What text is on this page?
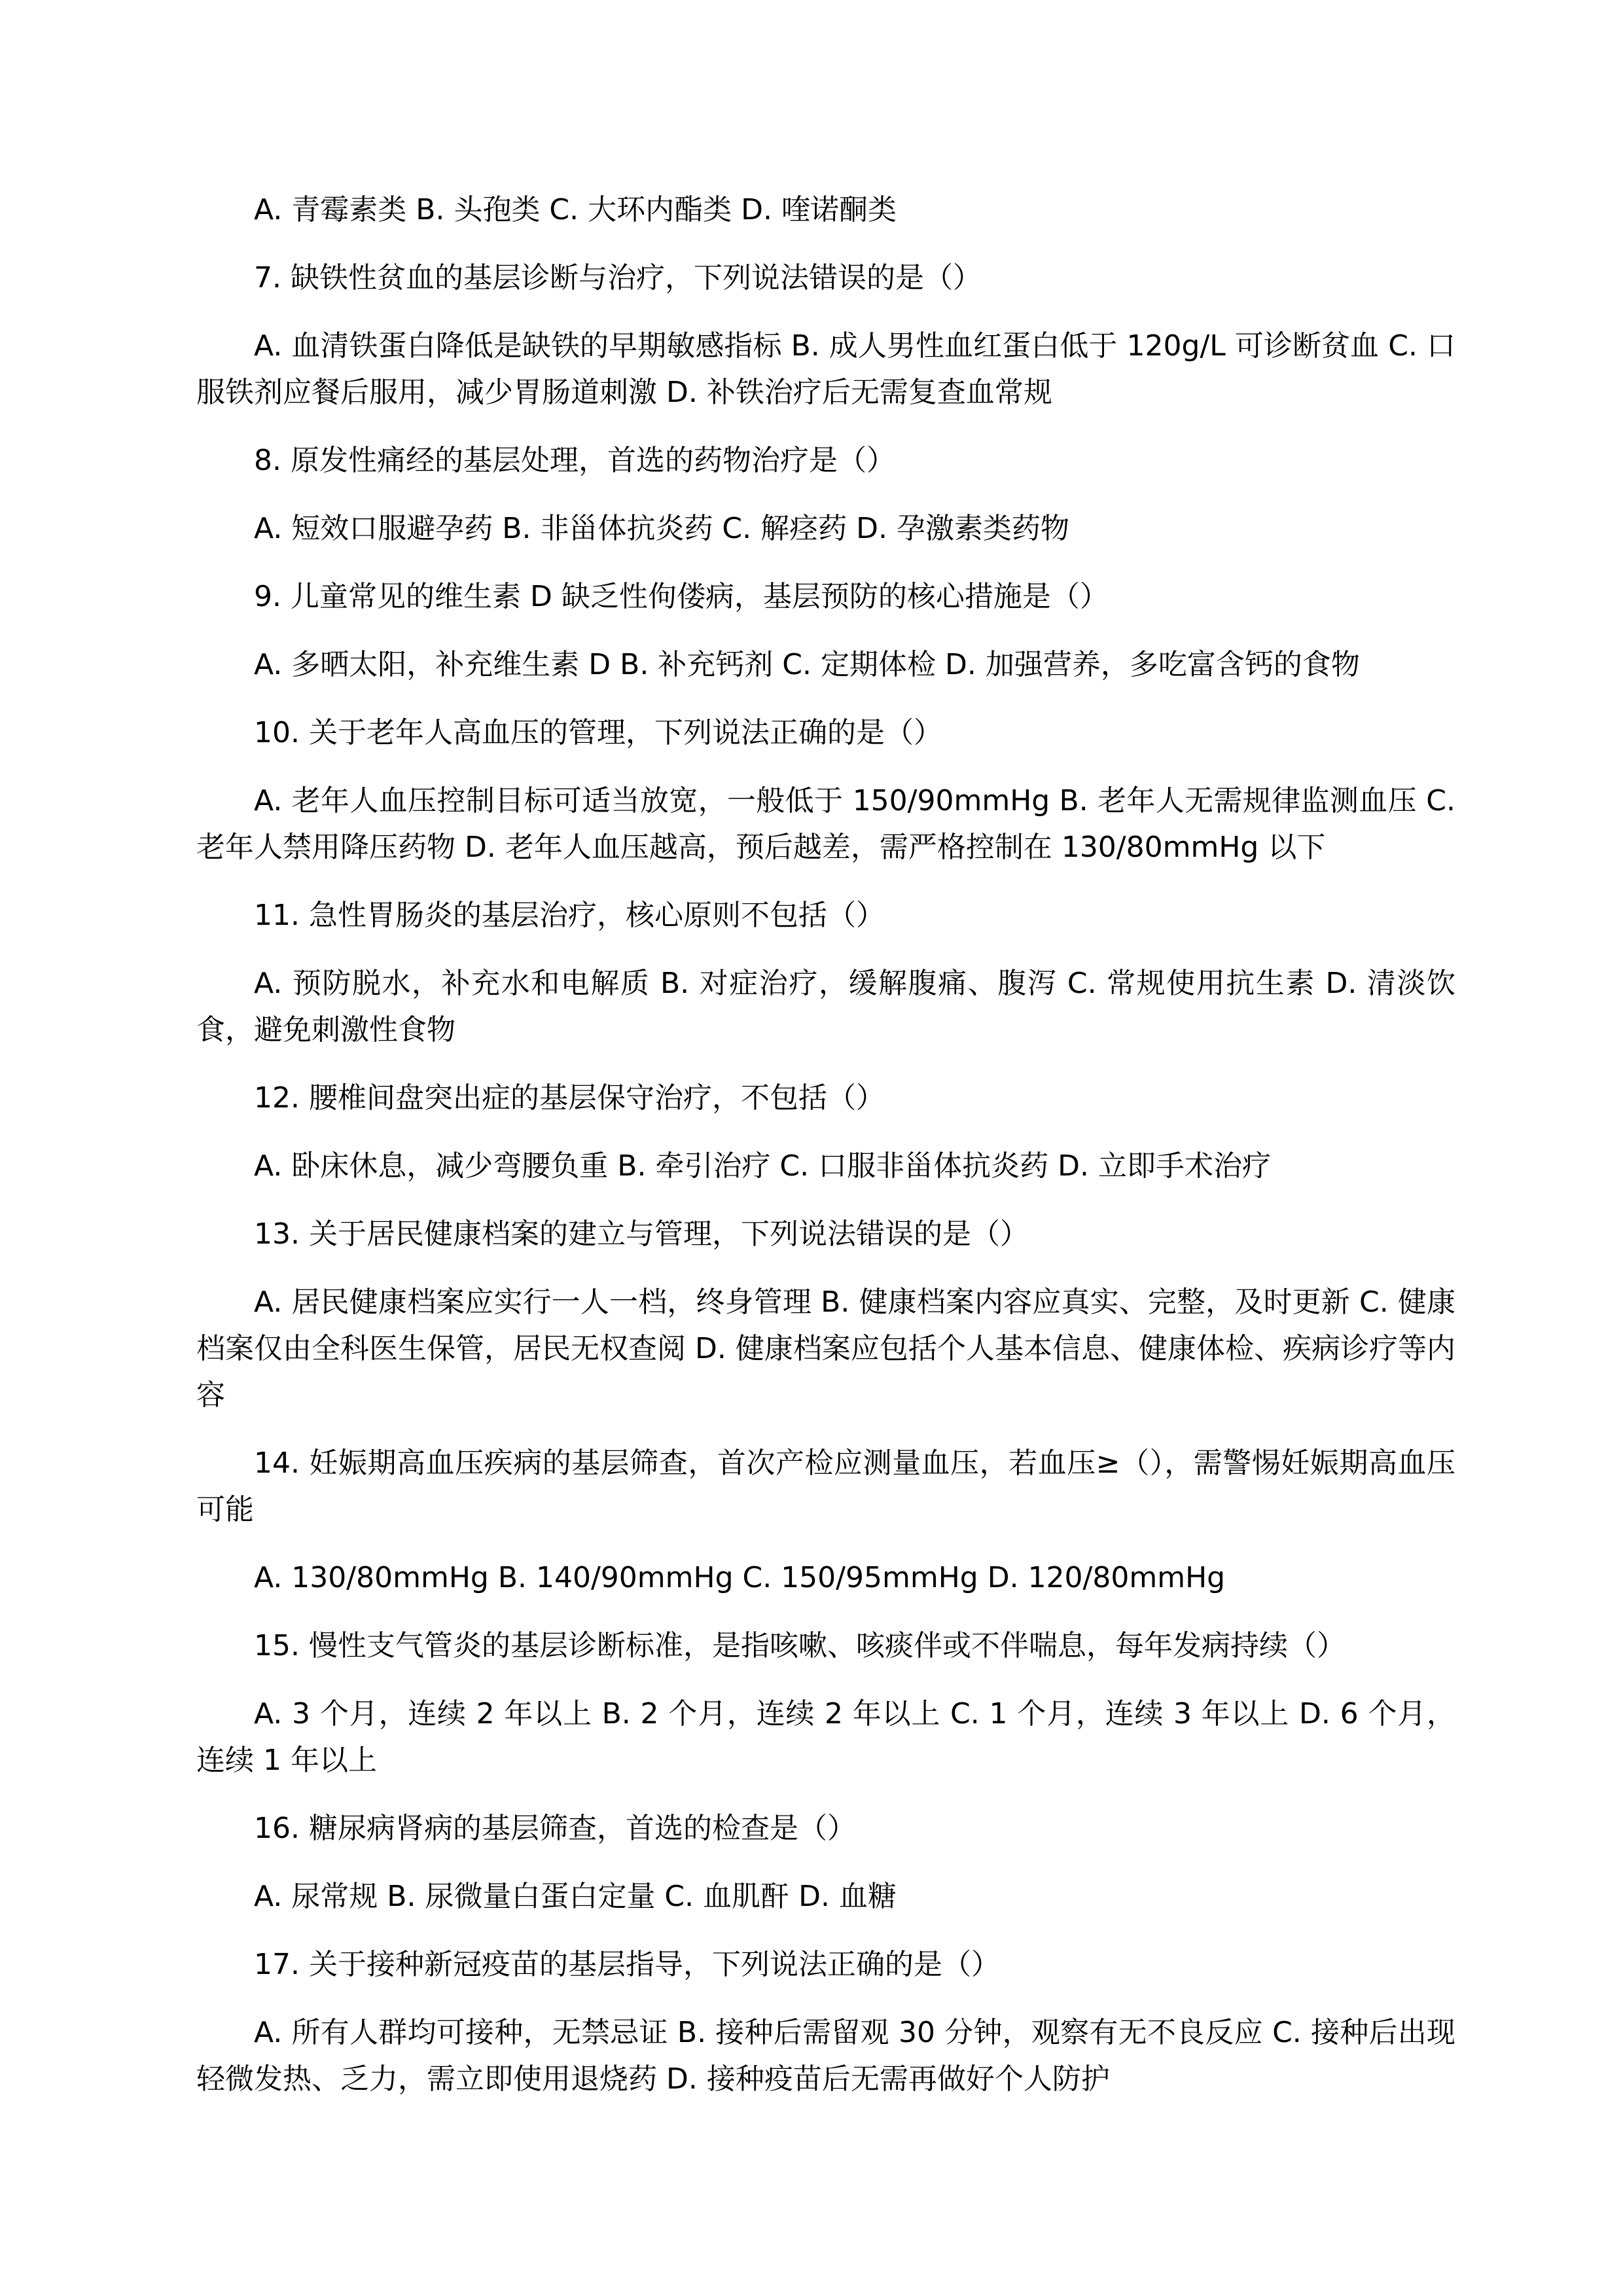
A. 青霉素类 B. 头孢类 C. 大环内酯类 D. 喹诺酮类

7. 缺铁性贫血的基层诊断与治疗，下列说法错误的是（）

A. 血清铁蛋白降低是缺铁的早期敏感指标 B. 成人男性血红蛋白低于 120g/L 可诊断贫血 C. 口服铁剂应餐后服用，减少胃肠道刺激 D. 补铁治疗后无需复查血常规

8. 原发性痛经的基层处理，首选的药物治疗是（）

A. 短效口服避孕药 B. 非甾体抗炎药 C. 解痉药 D. 孕激素类药物

9. 儿童常见的维生素 D 缺乏性佝偻病，基层预防的核心措施是（）

A. 多晒太阳，补充维生素 D B. 补充钙剂 C. 定期体检 D. 加强营养，多吃富含钙的食物

10. 关于老年人高血压的管理，下列说法正确的是（）

A. 老年人血压控制目标可适当放宽，一般低于 150/90mmHg B. 老年人无需规律监测血压 C. 老年人禁用降压药物 D. 老年人血压越高，预后越差，需严格控制在 130/80mmHg 以下

11. 急性胃肠炎的基层治疗，核心原则不包括（）

A. 预防脱水，补充水和电解质 B. 对症治疗，缓解腹痛、腹泻 C. 常规使用抗生素 D. 清淡饮食，避免刺激性食物

12. 腰椎间盘突出症的基层保守治疗，不包括（）

A. 卧床休息，减少弯腰负重 B. 牵引治疗 C. 口服非甾体抗炎药 D. 立即手术治疗

13. 关于居民健康档案的建立与管理，下列说法错误的是（）

A. 居民健康档案应实行一人一档，终身管理 B. 健康档案内容应真实、完整，及时更新 C. 健康档案仅由全科医生保管，居民无权查阅 D. 健康档案应包括个人基本信息、健康体检、疾病诊疗等内容

14. 妊娠期高血压疾病的基层筛查，首次产检应测量血压，若血压≥（），需警惕妊娠期高血压可能

A. 130/80mmHg B. 140/90mmHg C. 150/95mmHg D. 120/80mmHg

15. 慢性支气管炎的基层诊断标准，是指咳嗽、咳痰伴或不伴喘息，每年发病持续（）

A. 3 个月，连续 2 年以上 B. 2 个月，连续 2 年以上 C. 1 个月，连续 3 年以上 D. 6 个月，连续 1 年以上

16. 糖尿病肾病的基层筛查，首选的检查是（）

A. 尿常规 B. 尿微量白蛋白定量 C. 血肌酐 D. 血糖

17. 关于接种新冠疫苗的基层指导，下列说法正确的是（）

A. 所有人群均可接种，无禁忌证 B. 接种后需留观 30 分钟，观察有无不良反应 C. 接种后出现轻微发热、乏力，需立即使用退烧药 D. 接种疫苗后无需再做好个人防护
